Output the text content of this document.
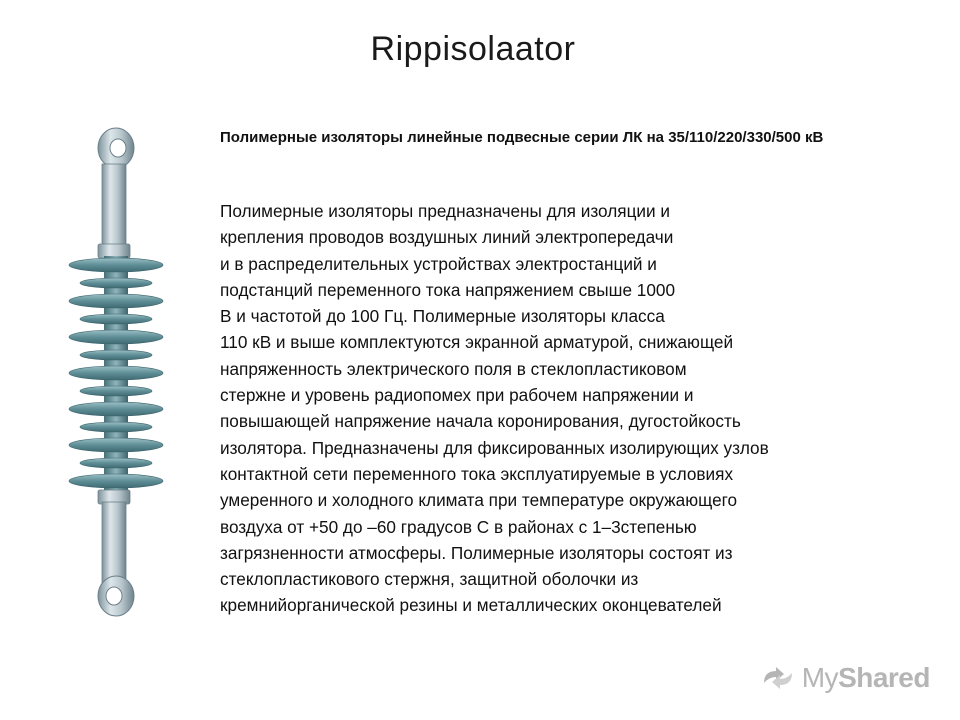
Rippisolaator
Полимерные изоляторы линейные подвесные серии ЛК на 35/110/220/330/500 кВ
Полимерные изоляторы предназначены для изоляции и
крепления проводов воздушных линий электропередачи
и в распределительных устройствах электростанций и
подстанций переменного тока напряжением свыше 1000
В и частотой до 100 Гц. Полимерные изоляторы класса
110 кВ и выше комплектуются экранной арматурой, снижающей
напряженность электрического поля в стеклопластиковом
стержне и уровень радиопомех при рабочем напряжении и
повышающей напряжение начала коронирования, дугостойкость
изолятора. Предназначены для фиксированных изолирующих узлов
контактной сети переменного тока эксплуатируемые в условиях
умеренного и холодного климата при температуре окружающего
воздуха от +50 до –60 градусов С в районах с 1–3степенью
загрязненности атмосферы. Полимерные изоляторы состоят из
стеклопластикового стержня, защитной оболочки из
кремнийорганической резины и металлических оконцевателей
MyShared
